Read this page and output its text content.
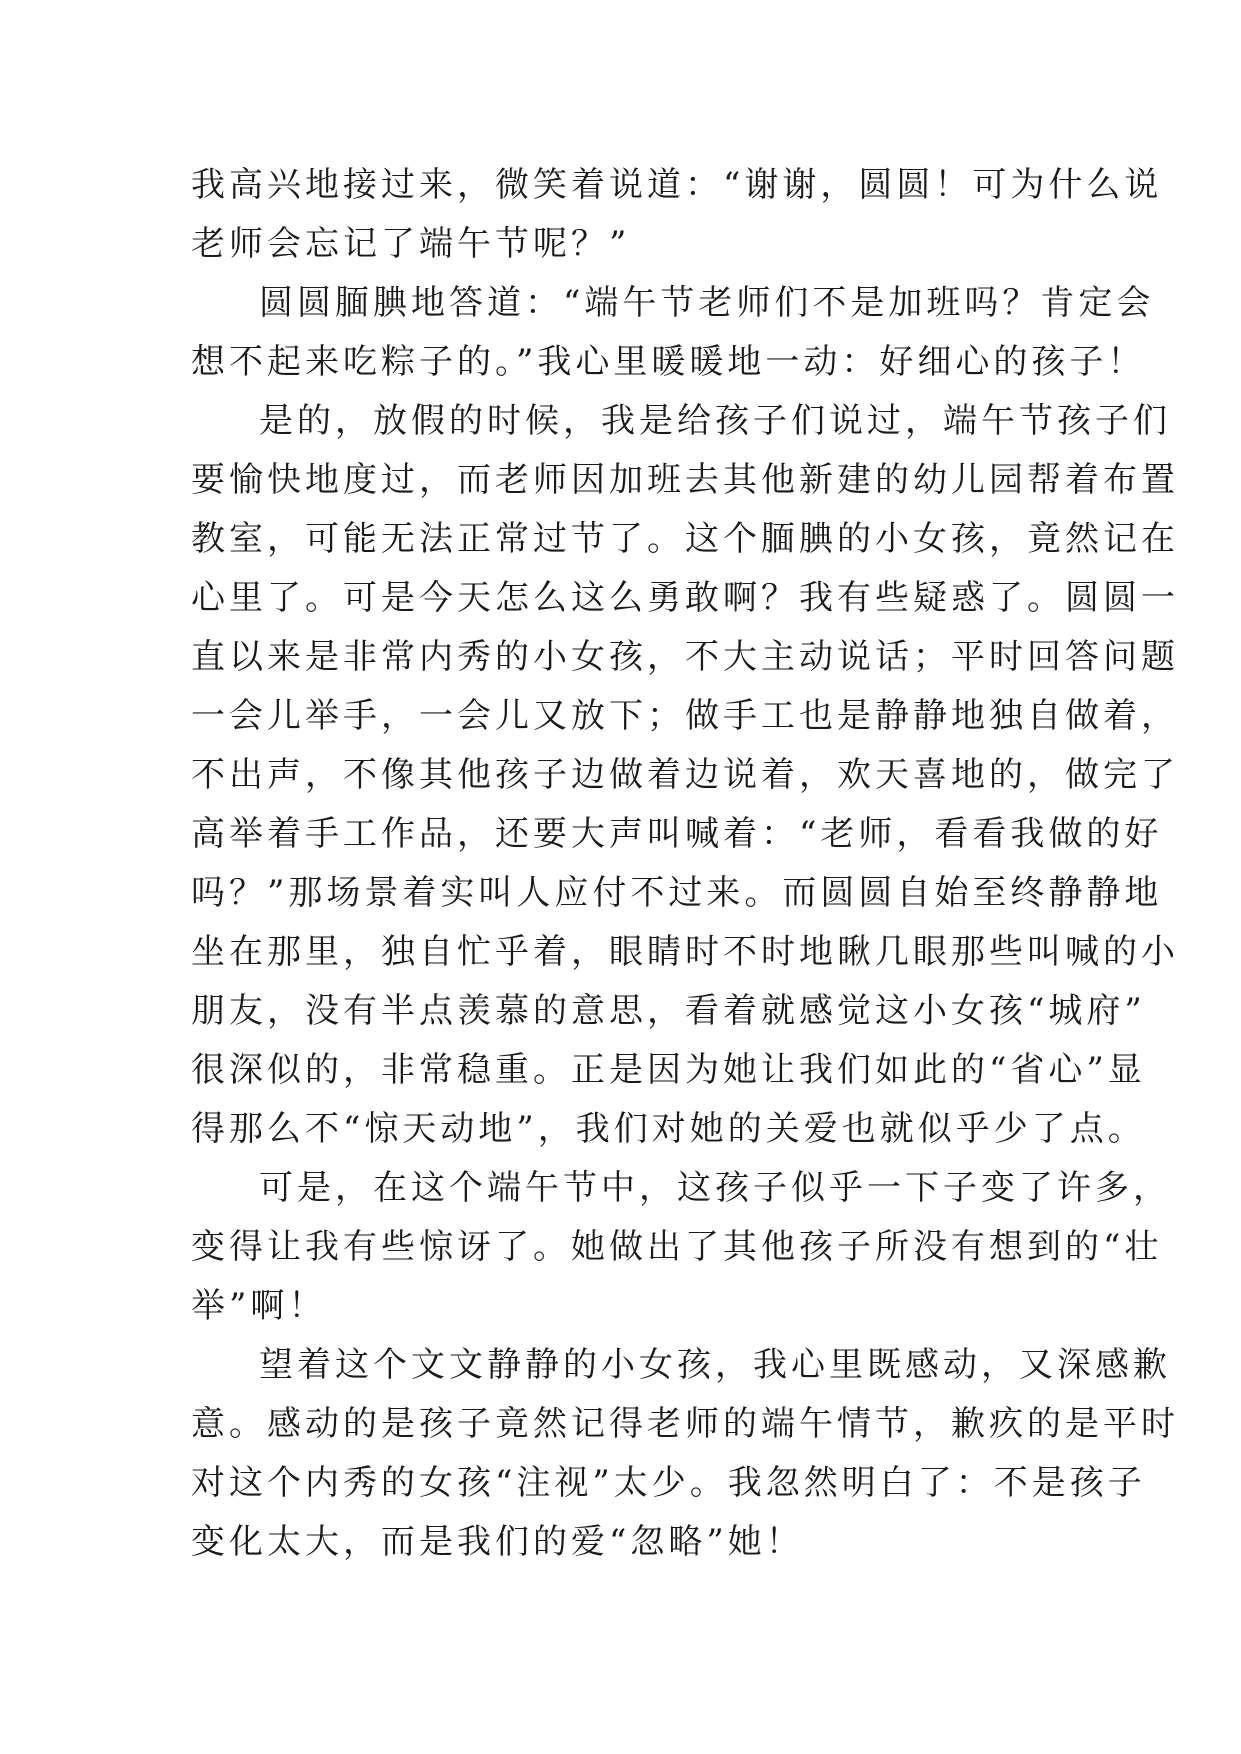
我高兴地接过来，微笑着说道：“谢谢，圆圆！可为什么说
老师会忘记了端午节呢？”
圆圆腼腆地答道：“端午节老师们不是加班吗？肯定会
想不起来吃粽子的。”我心里暖暖地一动：好细心的孩子！
是的，放假的时候，我是给孩子们说过，端午节孩子们
要愉快地度过，而老师因加班去其他新建的幼儿园帮着布置
教室，可能无法正常过节了。这个腼腆的小女孩，竟然记在
心里了。可是今天怎么这么勇敢啊？我有些疑惑了。圆圆一
直以来是非常内秀的小女孩，不大主动说话；平时回答问题
一会儿举手，一会儿又放下；做手工也是静静地独自做着，
不出声，不像其他孩子边做着边说着，欢天喜地的，做完了
高举着手工作品，还要大声叫喊着：“老师，看看我做的好
吗？”那场景着实叫人应付不过来。而圆圆自始至终静静地
坐在那里，独自忙乎着，眼睛时不时地瞅几眼那些叫喊的小
朋友，没有半点羡慕的意思，看着就感觉这小女孩“城府”
很深似的，非常稳重。正是因为她让我们如此的“省心”显
得那么不“惊天动地”，我们对她的关爱也就似乎少了点。
可是，在这个端午节中，这孩子似乎一下子变了许多，
变得让我有些惊讶了。她做出了其他孩子所没有想到的“壮
举”啊！
望着这个文文静静的小女孩，我心里既感动，又深感歉
意。感动的是孩子竟然记得老师的端午情节，歉疚的是平时
对这个内秀的女孩“注视”太少。我忽然明白了：不是孩子
变化太大，而是我们的爱“忽略”她！
